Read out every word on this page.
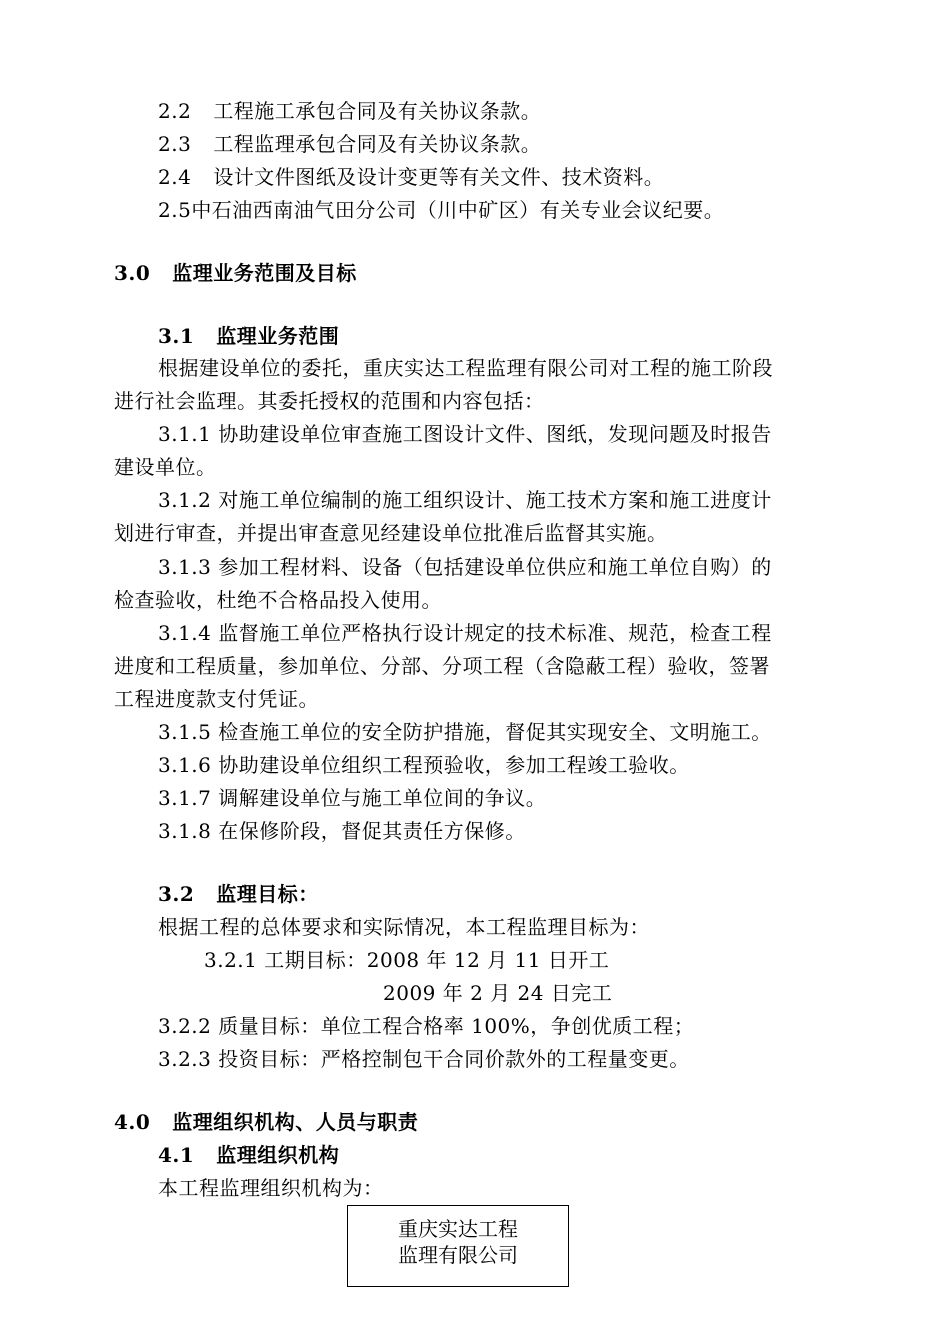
2.2 工程施工承包合同及有关协议条款。
2.3 工程监理承包合同及有关协议条款。
2.4 设计文件图纸及设计变更等有关文件、技术资料。
2.5中石油西南油气田分公司（川中矿区）有关专业会议纪要。
3.0 监理业务范围及目标
3.1 监理业务范围
根据建设单位的委托，重庆实达工程监理有限公司对工程的施工阶段
进行社会监理。其委托授权的范围和内容包括：
3.1.1 协助建设单位审查施工图设计文件、图纸，发现问题及时报告
建设单位。
3.1.2 对施工单位编制的施工组织设计、施工技术方案和施工进度计
划进行审查，并提出审查意见经建设单位批准后监督其实施。
3.1.3 参加工程材料、设备（包括建设单位供应和施工单位自购）的
检查验收，杜绝不合格品投入使用。
3.1.4 监督施工单位严格执行设计规定的技术标准、规范，检查工程
进度和工程质量，参加单位、分部、分项工程（含隐蔽工程）验收，签署
工程进度款支付凭证。
3.1.5 检查施工单位的安全防护措施，督促其实现安全、文明施工。
3.1.6 协助建设单位组织工程预验收，参加工程竣工验收。
3.1.7 调解建设单位与施工单位间的争议。
3.1.8 在保修阶段，督促其责任方保修。
3.2 监理目标：
根据工程的总体要求和实际情况，本工程监理目标为：
3.2.1 工期目标：2008 年 12 月 11 日开工
2009 年 2 月 24 日完工
3.2.2 质量目标：单位工程合格率 100%，争创优质工程；
3.2.3 投资目标：严格控制包干合同价款外的工程量变更。
4.0 监理组织机构、人员与职责
4.1 监理组织机构
本工程监理组织机构为：
重庆实达工程
监理有限公司
